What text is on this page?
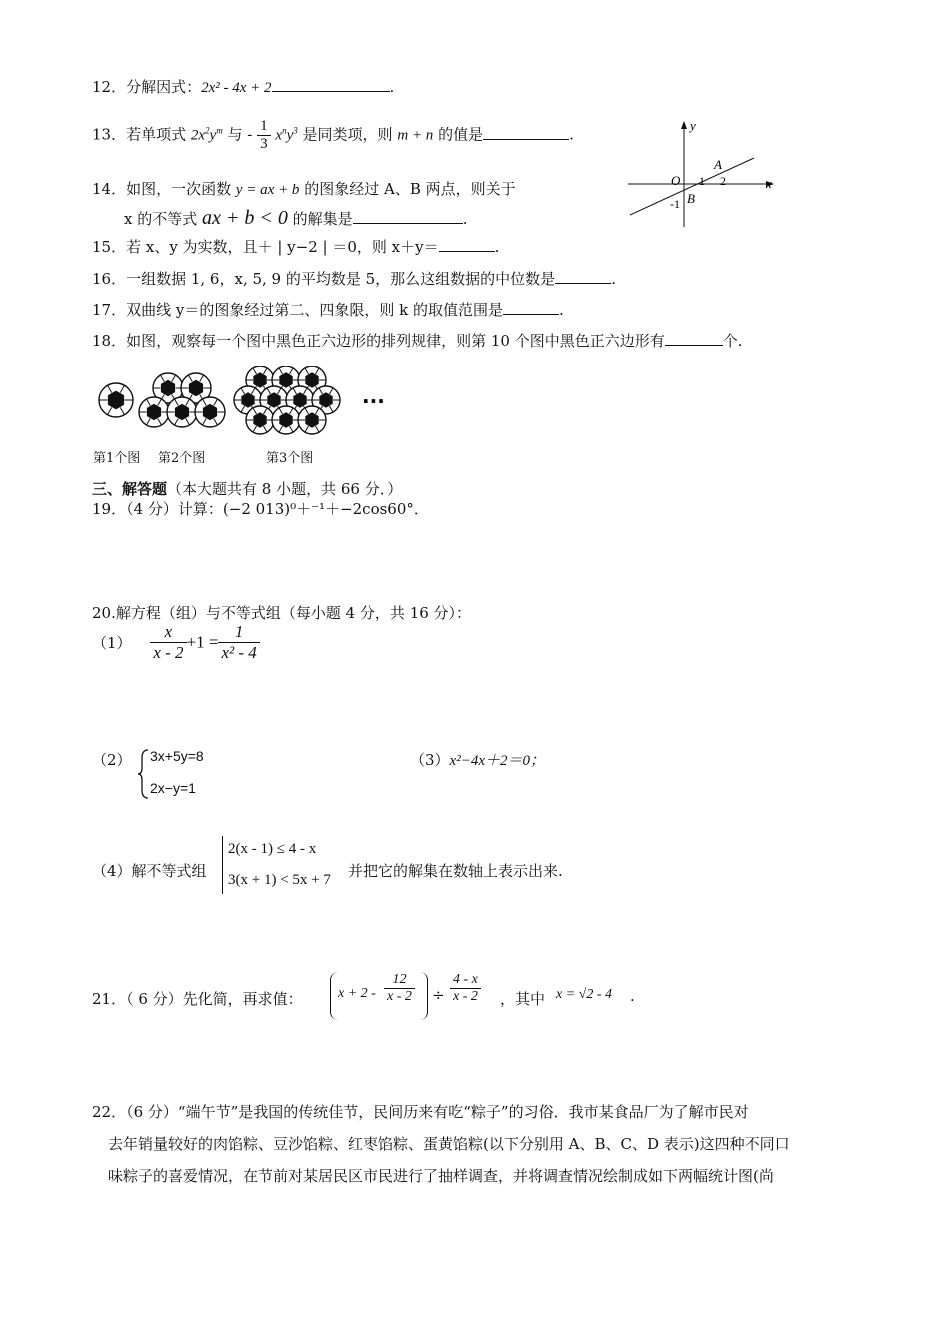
12．分解因式：2x² - 4x + 2	.
13．若单项式 $2x^2y^m$ 与 - $\frac{1}{3} x^ny^3$ 是同类项，则 m + n 的值是	.
14．如图，一次函数 y = ax + b 的图象经过 A、B 两点，则关于
x 的不等式 ax + b < 0 的解集是	.
y
x
A
B
O 1 2
-1
15．若 x、y 为实数，且＋ | y−2 | ＝0，则 x＋y＝	.
16．一组数据 1, 6，x, 5, 9 的平均数是 5，那么这组数据的中位数是	.
17．双曲线 y＝的图象经过第二、四象限，则 k 的取值范围是	.
18．如图，观察每一个图中黑色正六边形的排列规律，则第 10 个图中黑色正六边形有	个.
···
第1个图 第2个图	第3个图
三、解答题（本大题共有 8 小题，共 66 分．）
19．（4 分）计算：(−2 013)⁰＋⁻¹＋−2cos60°．
20.解方程（组）与不等式组（每小题 4 分，共 16 分）：
$(1) \frac{x}{x - 2} +1 = \frac{1}{\text{x² - 4}}$
（2） 3x+5y=8
2x−y=1
（3）x²−4x＋2＝0；
（4）解不等式组
2(x - 1) ≤ 4 - x
3(x + 1) < 5x + 7 并把它的解集在数轴上表示出来.
21．（ 6 分）先化简，再求值：	$x + 2 - \frac{12}{x - 2} \div \frac{4 - x}{x - 2}$ ，其中 x = √2 - 4 .
22．（6 分）“端午节”是我国的传统佳节，民间历来有吃“粽子”的习俗．我市某食品厂为了解市民对
去年销量较好的肉馅粽、豆沙馅粽、红枣馅粽、蛋黄馅粽(以下分别用 A、B、C、D 表示)这四种不同口
味粽子的喜爱情况，在节前对某居民区市民进行了抽样调查，并将调查情况绘制成如下两幅统计图(尚
